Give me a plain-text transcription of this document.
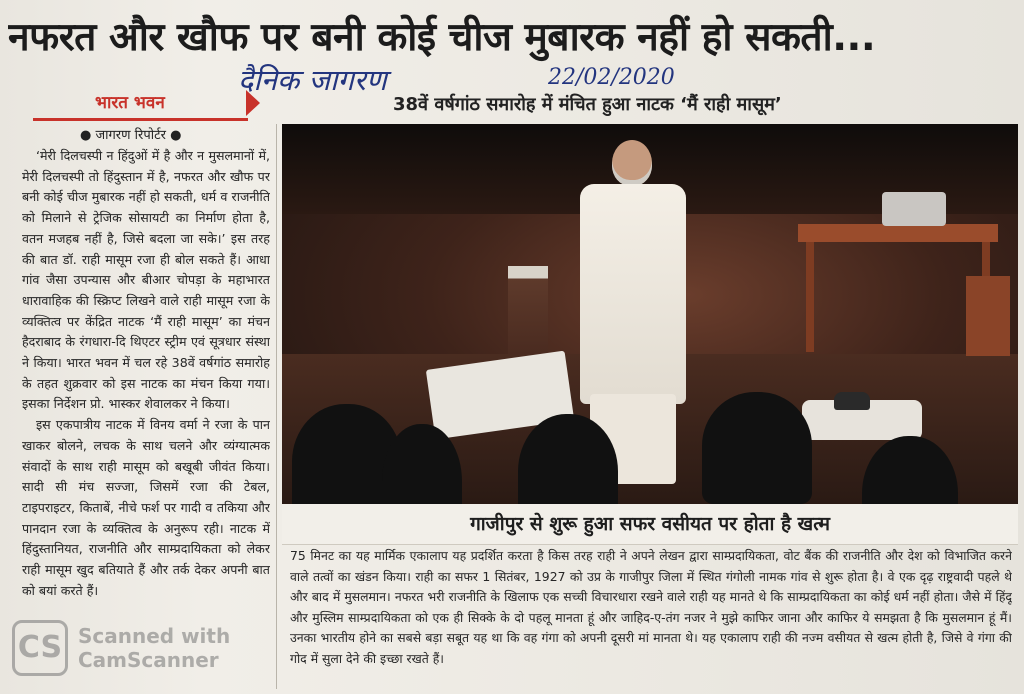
नफरत और खौफ पर बनी कोई चीज मुबारक नहीं हो सकती...
दैनिक जागरण	22/02/2020
भारत भवन	38वें वर्षगांठ समारोह में मंचित हुआ नाटक ‘मैं राही मासूम’
● जागरण रिपोर्टर ●

‘मेरी दिलचस्पी न हिंदुओं में है और न मुसलमानों में, मेरी दिलचस्पी तो हिंदुस्तान में है, नफरत और खौफ पर बनी कोई चीज मुबारक नहीं हो सकती, धर्म व राजनीति को मिलाने से ट्रेजिक सोसायटी का निर्माण होता है, वतन मजहब नहीं है, जिसे बदला जा सके।’ इस तरह की बात डॉ. राही मासूम रजा ही बोल सकते हैं। आधा गांव जैसा उपन्यास और बीआर चोपड़ा के महाभारत धारावाहिक की स्क्रिप्ट लिखने वाले राही मासूम रजा के व्यक्तित्व पर केंद्रित नाटक ‘मैं राही मासूम’ का मंचन हैदराबाद के रंगधारा-दि थिएटर स्ट्रीम एवं सूत्रधार संस्था ने किया। भारत भवन में चल रहे 38वें वर्षगांठ समारोह के तहत शुक्रवार को इस नाटक का मंचन किया गया। इसका निर्देशन प्रो. भास्कर शेवालकर ने किया।

इस एकपात्रीय नाटक में विनय वर्मा ने रजा के पान खाकर बोलने, लचक के साथ चलने और व्यंग्यात्मक संवादों के साथ राही मासूम को बखूबी जीवंत किया। सादी सी मंच सज्जा, जिसमें रजा की टेबल, टाइपराइटर, किताबें, नीचे फर्श पर गादी व तकिया और पानदान रजा के व्यक्तित्व के अनुरूप रही। नाटक में हिंदुस्तानियत, राजनीति और साम्प्रदायिकता को लेकर राही मासूम खुद बतियाते हैं और तर्क देकर अपनी बात को बयां करते हैं।

गाजीपुर से शुरू हुआ सफर वसीयत पर होता है खत्म

75 मिनट का यह मार्मिक एकालाप यह प्रदर्शित करता है किस तरह राही ने अपने लेखन द्वारा साम्प्रदायिकता, वोट बैंक की राजनीति और देश को विभाजित करने वाले तत्वों का खंडन किया। राही का सफर 1 सितंबर, 1927 को उप्र के गाजीपुर जिला में स्थित गंगोली नामक गांव से शुरू होता है। वे एक दृढ़ राष्ट्रवादी पहले थे और बाद में मुसलमान। नफरत भरी राजनीति के खिलाफ एक सच्ची विचारधारा रखने वाले राही यह मानते थे कि साम्प्रदायिकता का कोई धर्म नहीं होता। जैसे में हिंदू और मुस्लिम साम्प्रदायिकता को एक ही सिक्के के दो पहलू मानता हूं और जाहिद-ए-तंग नजर ने मुझे काफिर जाना और काफिर ये समझता है कि मुसलमान हूं मैं। उनका भारतीय होने का सबसे बड़ा सबूत यह था कि वह गंगा को अपनी दूसरी मां मानता थे। यह एकालाप राही की नज्म वसीयत से खत्म होती है, जिसे वे गंगा की गोद में सुला देने की इच्छा रखते हैं।

CS Scanned with CamScanner
